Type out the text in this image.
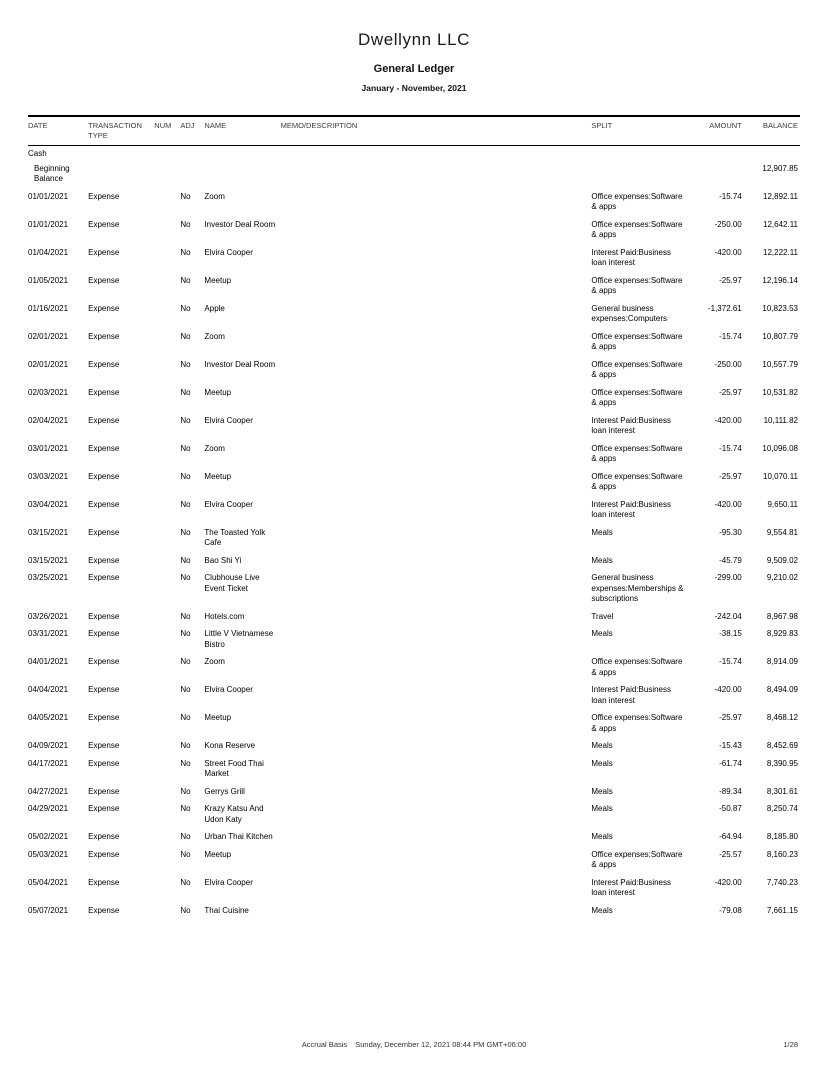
Dwellynn LLC
General Ledger
January - November, 2021
DATE	TRANSACTION TYPE	NUM	ADJ	NAME	MEMO/DESCRIPTION	SPLIT	AMOUNT	BALANCE
Cash								
Beginning Balance								12,907.85
01/01/2021	Expense		No	Zoom		Office expenses:Software & apps	-15.74	12,892.11
01/01/2021	Expense		No	Investor Deal Room		Office expenses:Software & apps	-250.00	12,642.11
01/04/2021	Expense		No	Elvira Cooper		Interest Paid:Business loan interest	-420.00	12,222.11
01/05/2021	Expense		No	Meetup		Office expenses:Software & apps	-25.97	12,196.14
01/16/2021	Expense		No	Apple		General business expenses:Computers	-1,372.61	10,823.53
02/01/2021	Expense		No	Zoom		Office expenses:Software & apps	-15.74	10,807.79
02/01/2021	Expense		No	Investor Deal Room		Office expenses:Software & apps	-250.00	10,557.79
02/03/2021	Expense		No	Meetup		Office expenses:Software & apps	-25.97	10,531.82
02/04/2021	Expense		No	Elvira Cooper		Interest Paid:Business loan interest	-420.00	10,111.82
03/01/2021	Expense		No	Zoom		Office expenses:Software & apps	-15.74	10,096.08
03/03/2021	Expense		No	Meetup		Office expenses:Software & apps	-25.97	10,070.11
03/04/2021	Expense		No	Elvira Cooper		Interest Paid:Business loan interest	-420.00	9,650.11
03/15/2021	Expense		No	The Toasted Yolk Cafe		Meals	-95.30	9,554.81
03/15/2021	Expense		No	Bao Shi Yi		Meals	-45.79	9,509.02
03/25/2021	Expense		No	Clubhouse Live Event Ticket		General business expenses:Memberships & subscriptions	-299.00	9,210.02
03/26/2021	Expense		No	Hotels.com		Travel	-242.04	8,967.98
03/31/2021	Expense		No	Little V Vietnamese Bistro		Meals	-38.15	8,929.83
04/01/2021	Expense		No	Zoom		Office expenses:Software & apps	-15.74	8,914.09
04/04/2021	Expense		No	Elvira Cooper		Interest Paid:Business loan interest	-420.00	8,494.09
04/05/2021	Expense		No	Meetup		Office expenses:Software & apps	-25.97	8,468.12
04/09/2021	Expense		No	Kona Reserve		Meals	-15.43	8,452.69
04/17/2021	Expense		No	Street Food Thai Market		Meals	-61.74	8,390.95
04/27/2021	Expense		No	Gerrys Grill		Meals	-89.34	8,301.61
04/29/2021	Expense		No	Krazy Katsu And Udon Katy		Meals	-50.87	8,250.74
05/02/2021	Expense		No	Urban Thai Kitchen		Meals	-64.94	8,185.80
05/03/2021	Expense		No	Meetup		Office expenses:Software & apps	-25.57	8,160.23
05/04/2021	Expense		No	Elvira Cooper		Interest Paid:Business loan interest	-420.00	7,740.23
05/07/2021	Expense		No	Thai Cuisine		Meals	-79.08	7,661.15
Accrual Basis Sunday, December 12, 2021 08:44 PM GMT+06:00	1/28
